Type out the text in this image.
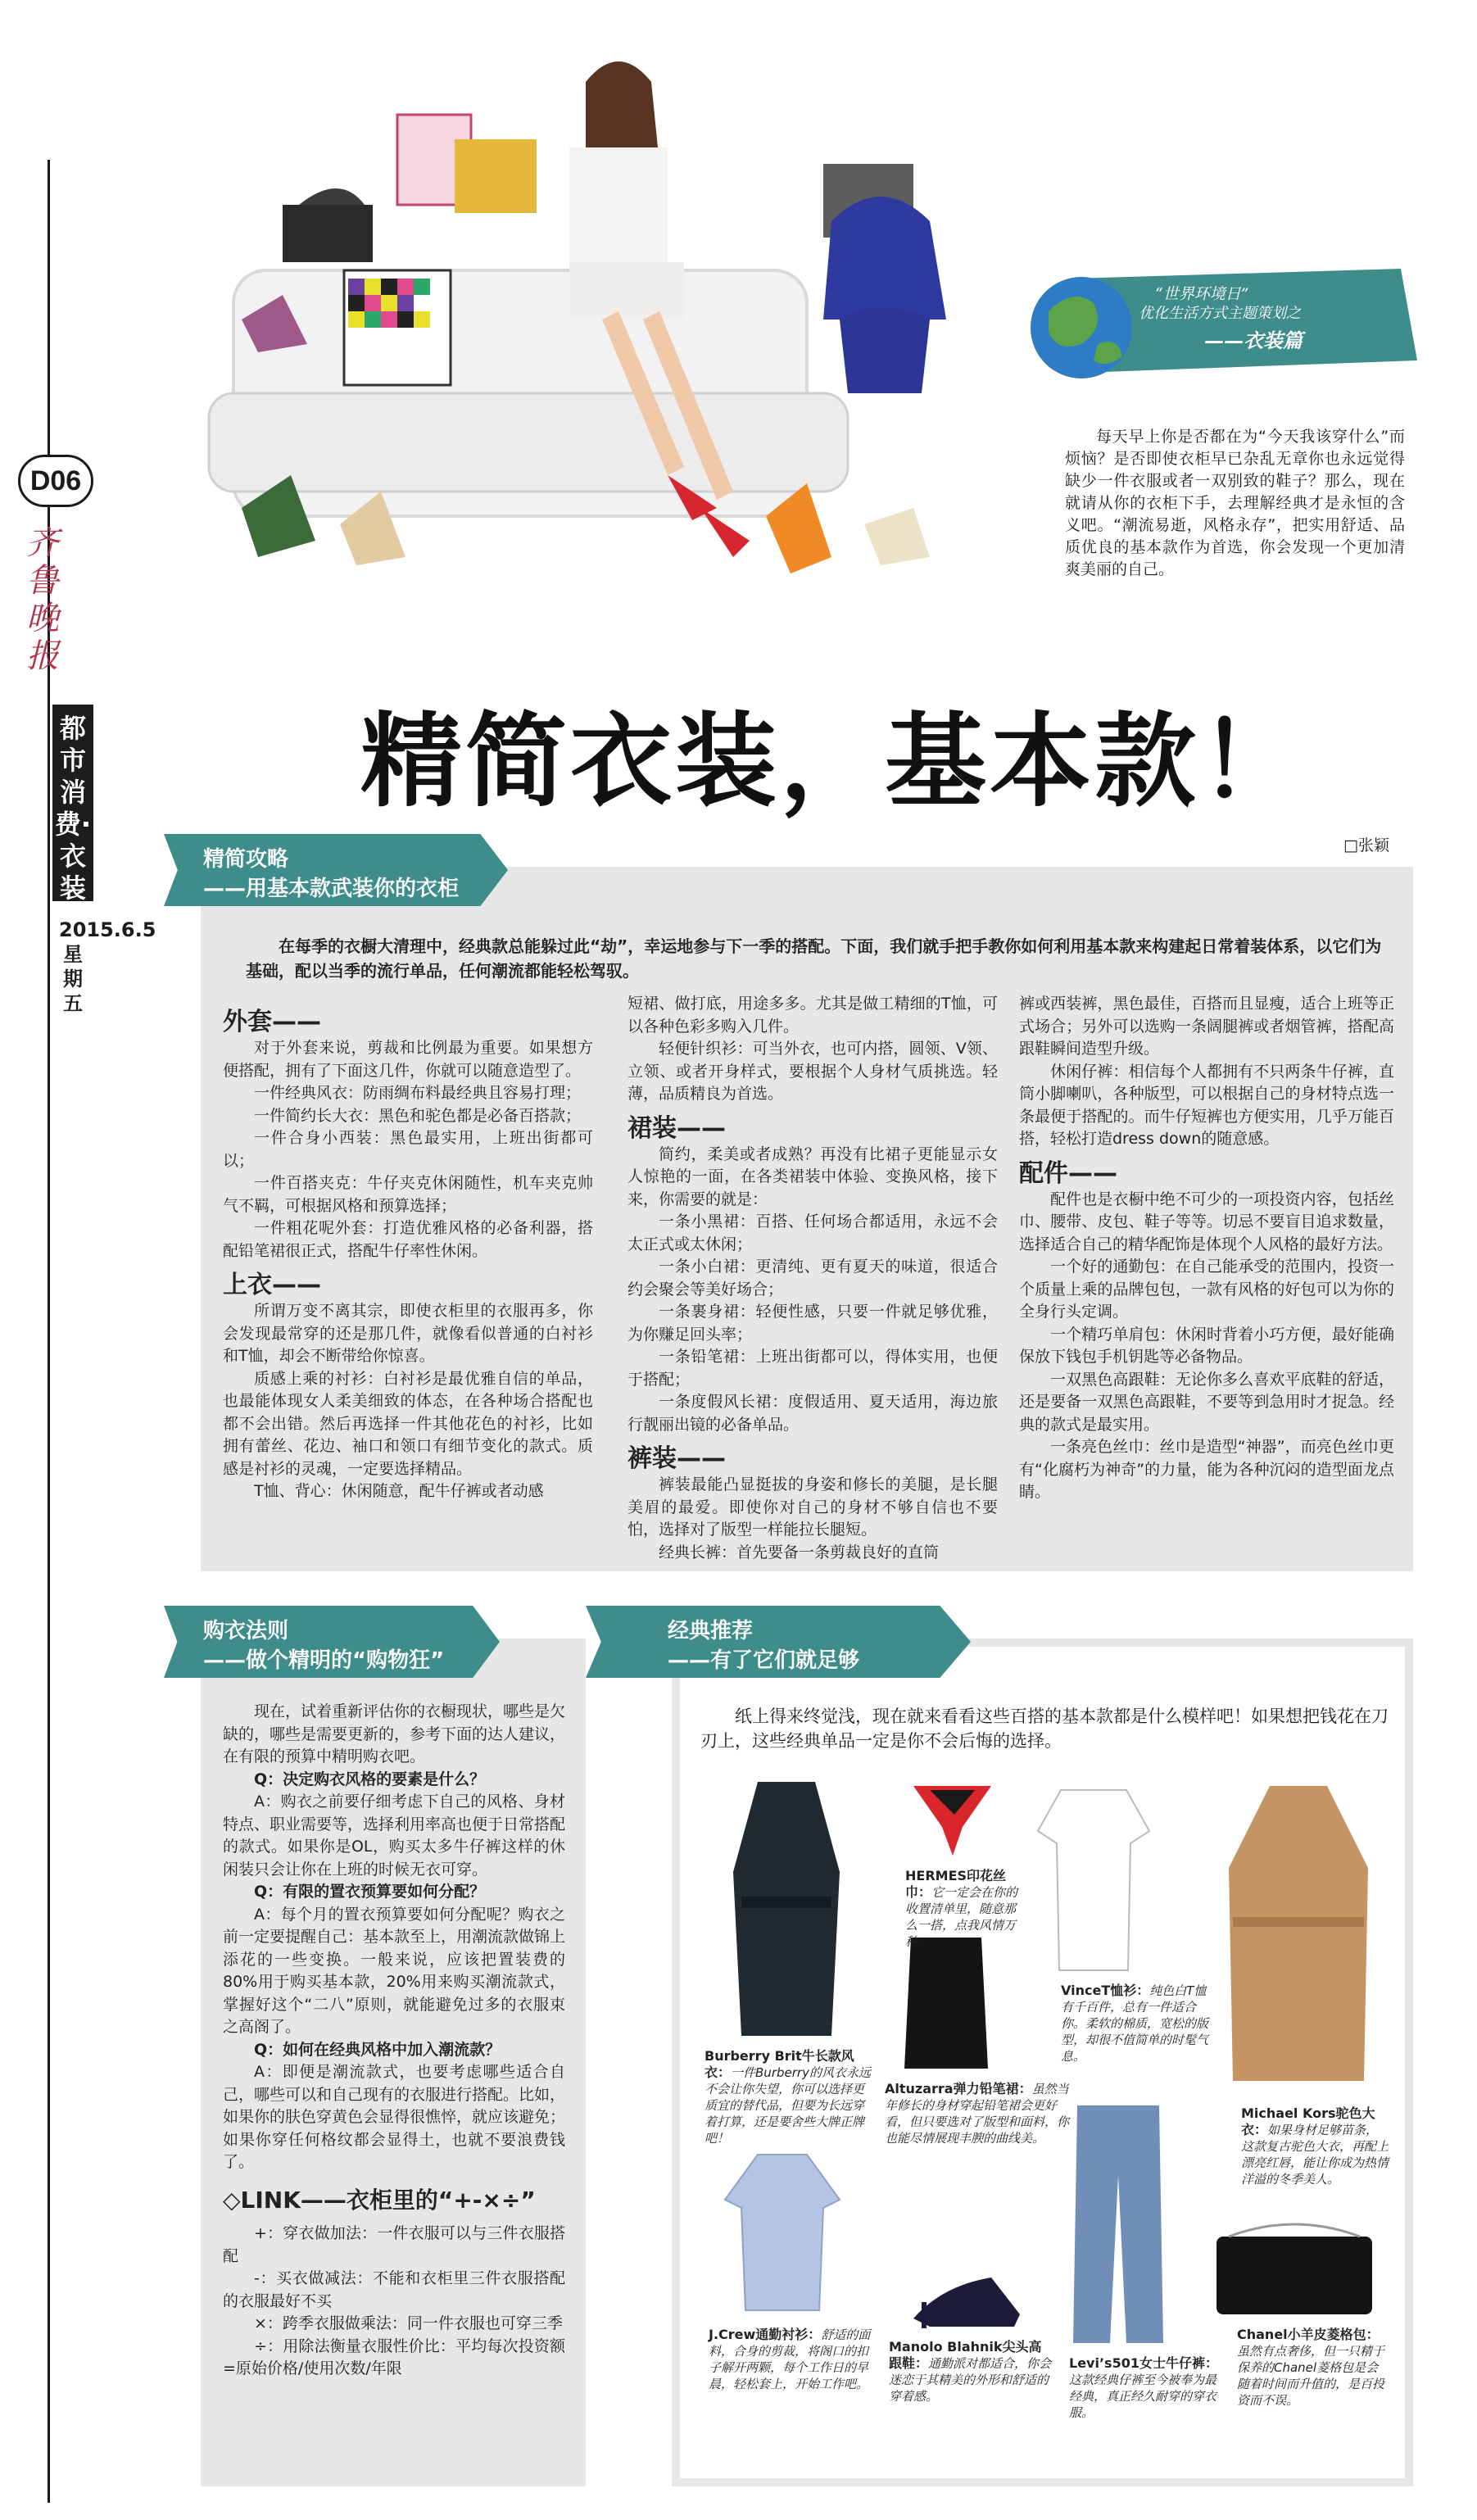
D06
齐鲁晚报
都市消费·衣装
2015.6.5 星期五
“世界环境日”
优化生活方式主题策划之
——衣装篇
每天早上你是否都在为“今天我该穿什么”而烦恼？是否即使衣柜早已杂乱无章你也永远觉得缺少一件衣服或者一双别致的鞋子？那么，现在就请从你的衣柜下手，去理解经典才是永恒的含义吧。“潮流易逝，风格永存”，把实用舒适、品质优良的基本款作为首选，你会发现一个更加清爽美丽的自己。
精简衣装，基本款！
□张颖
精简攻略
——用基本款武装你的衣柜
在每季的衣橱大清理中，经典款总能躲过此“劫”，幸运地参与下一季的搭配。下面，我们就手把手教你如何利用基本款来构建起日常着装体系，以它们为基础，配以当季的流行单品，任何潮流都能轻松驾驭。

外套——

对于外套来说，剪裁和比例最为重要。如果想方便搭配，拥有了下面这几件，你就可以随意造型了。

一件经典风衣：防雨绸布料最经典且容易打理；

一件简约长大衣：黑色和驼色都是必备百搭款；

一件合身小西装：黑色最实用，上班出街都可以；

一件百搭夹克：牛仔夹克休闲随性，机车夹克帅气不羁，可根据风格和预算选择；

一件粗花呢外套：打造优雅风格的必备利器，搭配铅笔裙很正式，搭配牛仔率性休闲。

上衣——

所谓万变不离其宗，即使衣柜里的衣服再多，你会发现最常穿的还是那几件，就像看似普通的白衬衫和T恤，却会不断带给你惊喜。

质感上乘的衬衫：白衬衫是最优雅自信的单品，也最能体现女人柔美细致的体态，在各种场合搭配也都不会出错。然后再选择一件其他花色的衬衫，比如拥有蕾丝、花边、袖口和领口有细节变化的款式。质感是衬衫的灵魂，一定要选择精品。

T恤、背心：休闲随意，配牛仔裤或者动感

短裙、做打底，用途多多。尤其是做工精细的T恤，可以各种色彩多购入几件。

轻便针织衫：可当外衣，也可内搭，圆领、V领、立领、或者开身样式，要根据个人身材气质挑选。轻薄，品质精良为首选。

裙装——

简约，柔美或者成熟？再没有比裙子更能显示女人惊艳的一面，在各类裙装中体验、变换风格，接下来，你需要的就是：

一条小黑裙：百搭、任何场合都适用，永远不会太正式或太休闲；

一条小白裙：更清纯、更有夏天的味道，很适合约会聚会等美好场合；

一条裹身裙：轻便性感，只要一件就足够优雅，为你赚足回头率；

一条铅笔裙：上班出街都可以，得体实用，也便于搭配；

一条度假风长裙：度假适用、夏天适用，海边旅行靓丽出镜的必备单品。

裤装——

裤装最能凸显挺拔的身姿和修长的美腿，是长腿美眉的最爱。即使你对自己的身材不够自信也不要怕，选择对了版型一样能拉长腿短。

经典长裤：首先要备一条剪裁良好的直筒

裤或西装裤，黑色最佳，百搭而且显瘦，适合上班等正式场合；另外可以选购一条阔腿裤或者烟管裤，搭配高跟鞋瞬间造型升级。

休闲仔裤：相信每个人都拥有不只两条牛仔裤，直筒小脚喇叭，各种版型，可以根据自己的身材特点选一条最便于搭配的。而牛仔短裤也方便实用，几乎万能百搭，轻松打造dress down的随意感。

配件——

配件也是衣橱中绝不可少的一项投资内容，包括丝巾、腰带、皮包、鞋子等等。切忌不要盲目追求数量，选择适合自己的精华配饰是体现个人风格的最好方法。

一个好的通勤包：在自己能承受的范围内，投资一个质量上乘的品牌包包，一款有风格的好包可以为你的全身行头定调。

一个精巧单肩包：休闲时背着小巧方便，最好能确保放下钱包手机钥匙等必备物品。

一双黑色高跟鞋：无论你多么喜欢平底鞋的舒适，还是要备一双黑色高跟鞋，不要等到急用时才捉急。经典的款式是最实用。

一条亮色丝巾：丝巾是造型“神器”，而亮色丝巾更有“化腐朽为神奇”的力量，能为各种沉闷的造型面龙点睛。

购衣法则
——做个精明的“购物狂”

现在，试着重新评估你的衣橱现状，哪些是欠缺的，哪些是需要更新的，参考下面的达人建议，在有限的预算中精明购衣吧。

Q：决定购衣风格的要素是什么？

A：购衣之前要仔细考虑下自己的风格、身材特点、职业需要等，选择利用率高也便于日常搭配的款式。如果你是OL，购买太多牛仔裤这样的休闲装只会让你在上班的时候无衣可穿。

Q：有限的置衣预算要如何分配？

A：每个月的置衣预算要如何分配呢？购衣之前一定要提醒自己：基本款至上，用潮流款做锦上添花的一些变换。一般来说，应该把置装费的80%用于购买基本款，20%用来购买潮流款式，掌握好这个“二八”原则，就能避免过多的衣服束之高阁了。

Q：如何在经典风格中加入潮流款？

A：即便是潮流款式，也要考虑哪些适合自己，哪些可以和自己现有的衣服进行搭配。比如，如果你的肤色穿黄色会显得很憔悴，就应该避免；如果你穿任何格纹都会显得土，也就不要浪费钱了。

◇LINK——衣柜里的“+-×÷”

+：穿衣做加法：一件衣服可以与三件衣服搭配

-：买衣做减法：不能和衣柜里三件衣服搭配的衣服最好不买

×：跨季衣服做乘法：同一件衣服也可穿三季

÷：用除法衡量衣服性价比：平均每次投资额=原始价格/使用次数/年限

经典推荐
——有了它们就足够
纸上得来终觉浅，现在就来看看这些百搭的基本款都是什么模样吧！如果想把钱花在刀刃上，这些经典单品一定是你不会后悔的选择。
Burberry Brit牛长款风衣：一件Burberry的风衣永远不会让你失望，你可以选择更质宜的替代品，但要为长远穿着打算，还是要舍些大牌正牌吧！
HERMES印花丝巾：它一定会在你的收置清单里，随意那么一搭，点我风情万种。
VinceT恤衫：纯色白T恤有千百件，总有一件适合你。柔软的棉质，宽松的版型，却很不值简单的时髦气息。
Michael Kors驼色大衣：如果身材足够苗条，这款复古驼色大衣，再配上漂亮红唇，能让你成为热情洋溢的冬季美人。
Altuzarra弹力铅笔裙：虽然当年修长的身材穿起铅笔裙会更好看，但只要选对了版型和面料，你也能尽情展现丰腴的曲线美。
J.Crew通勤衬衫：舒适的面料，合身的剪裁，将阁口的扣子解开两颗，每个工作日的早晨，轻松套上，开始工作吧。
Manolo Blahnik尖头高跟鞋：通勤派对都适合，你会迷恋于其精美的外形和舒适的穿着感。
Levi’s501女士牛仔裤：这款经典仔裤至今被奉为最经典，真正经久耐穿的穿衣服。
Chanel小羊皮菱格包：虽然有点奢侈，但一只精于保养的Chanel菱格包是会随着时间而升值的，是百投资而不误。
